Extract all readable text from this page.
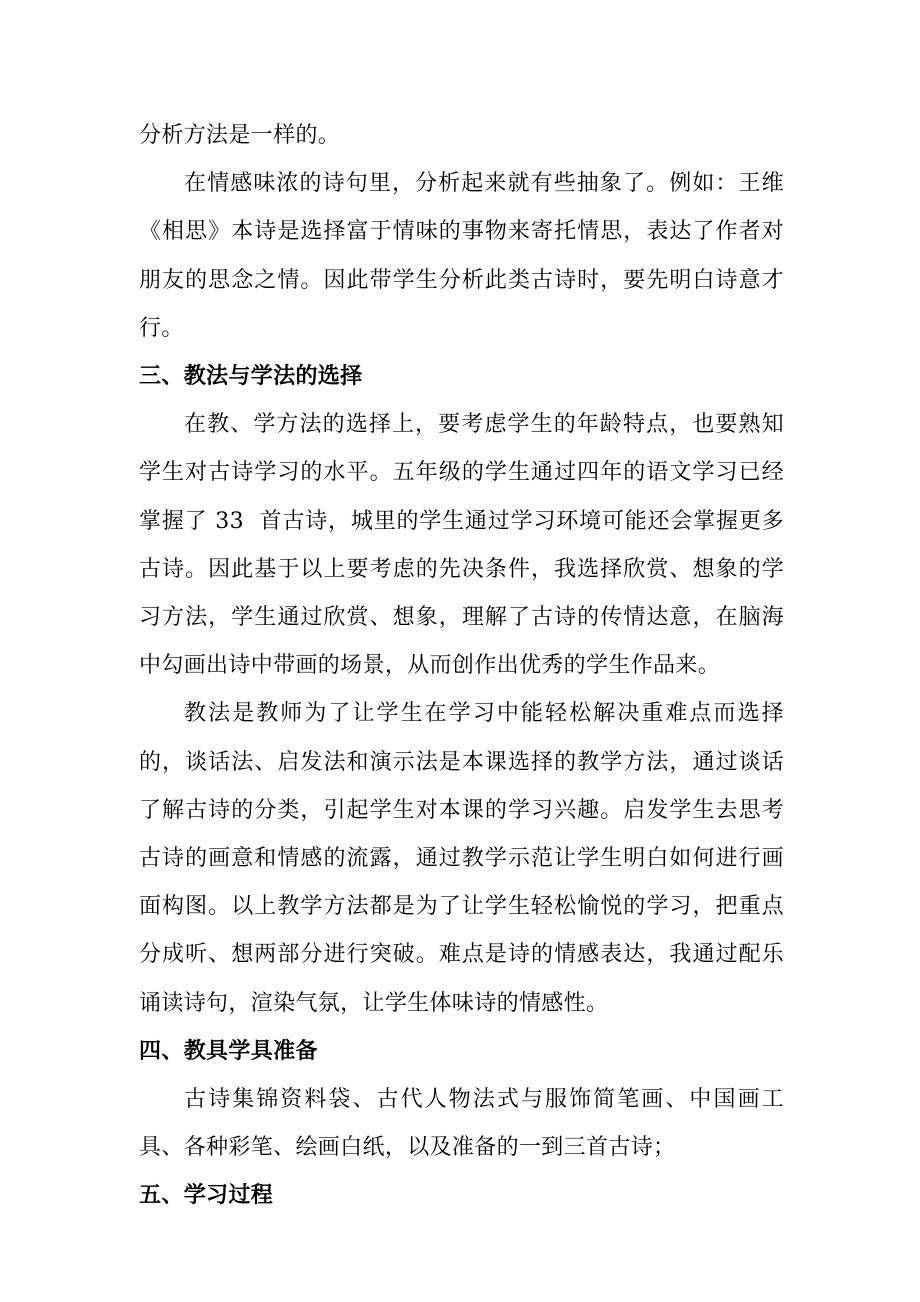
分析方法是一样的。

在情感味浓的诗句里，分析起来就有些抽象了。例如：王维《相思》本诗是选择富于情味的事物来寄托情思，表达了作者对朋友的思念之情。因此带学生分析此类古诗时，要先明白诗意才行。

三、教法与学法的选择

在教、学方法的选择上，要考虑学生的年龄特点，也要熟知学生对古诗学习的水平。五年级的学生通过四年的语文学习已经掌握了 33  首古诗，城里的学生通过学习环境可能还会掌握更多古诗。因此基于以上要考虑的先决条件，我选择欣赏、想象的学习方法，学生通过欣赏、想象，理解了古诗的传情达意，在脑海中勾画出诗中带画的场景，从而创作出优秀的学生作品来。

教法是教师为了让学生在学习中能轻松解决重难点而选择的，谈话法、启发法和演示法是本课选择的教学方法，通过谈话了解古诗的分类，引起学生对本课的学习兴趣。启发学生去思考古诗的画意和情感的流露，通过教学示范让学生明白如何进行画面构图。以上教学方法都是为了让学生轻松愉悦的学习，把重点分成听、想两部分进行突破。难点是诗的情感表达，我通过配乐诵读诗句，渲染气氛，让学生体味诗的情感性。

四、教具学具准备

古诗集锦资料袋、古代人物法式与服饰简笔画、中国画工具、各种彩笔、绘画白纸，以及准备的一到三首古诗；

五、学习过程
